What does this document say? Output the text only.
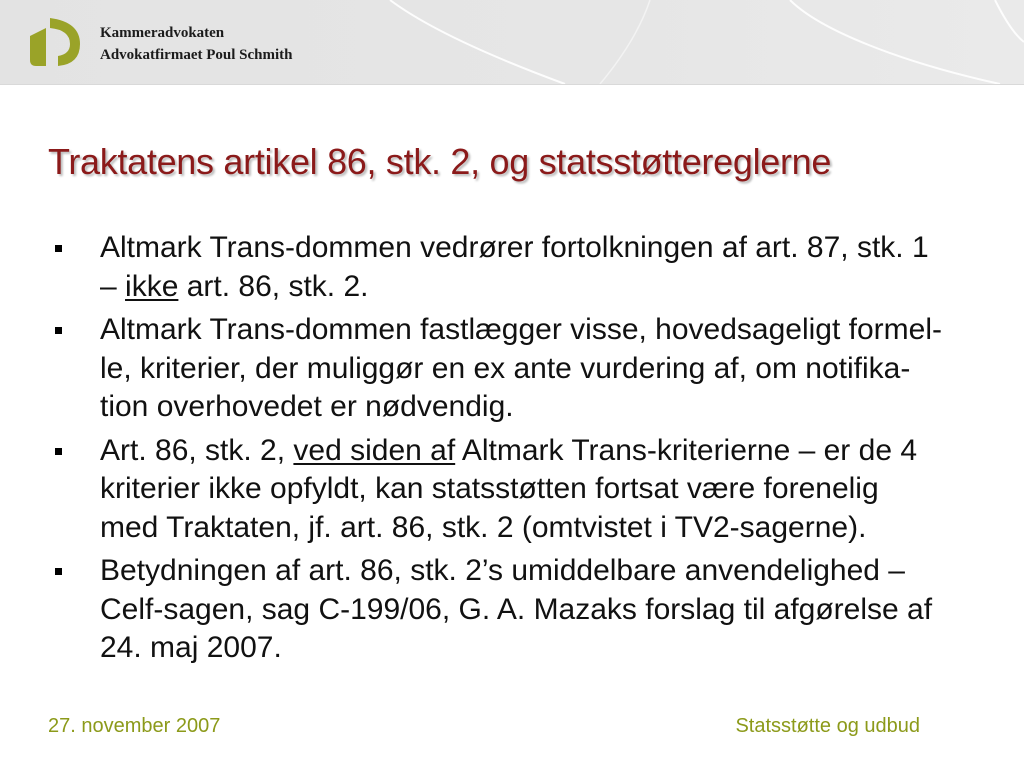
Kammeradvokaten
Advokatfirmaet Poul Schmith
Traktatens artikel 86, stk. 2, og statsstøttereglerne
Altmark Trans-dommen vedrører fortolkningen af art. 87, stk. 1
– ikke art. 86, stk. 2.
Altmark Trans-dommen fastlægger visse, hovedsageligt formel-
le, kriterier, der muliggør en ex ante vurdering af, om notifika-
tion overhovedet er nødvendig.
Art. 86, stk. 2, ved siden af Altmark Trans-kriterierne – er de 4
kriterier ikke opfyldt, kan statsstøtten fortsat være forenelig
med Traktaten, jf. art. 86, stk. 2 (omtvistet i TV2-sagerne).
Betydningen af art. 86, stk. 2’s umiddelbare anvendelighed –
Celf-sagen, sag C-199/06, G. A. Mazaks forslag til afgørelse af
24. maj 2007.
27. november 2007	Statsstøtte og udbud
